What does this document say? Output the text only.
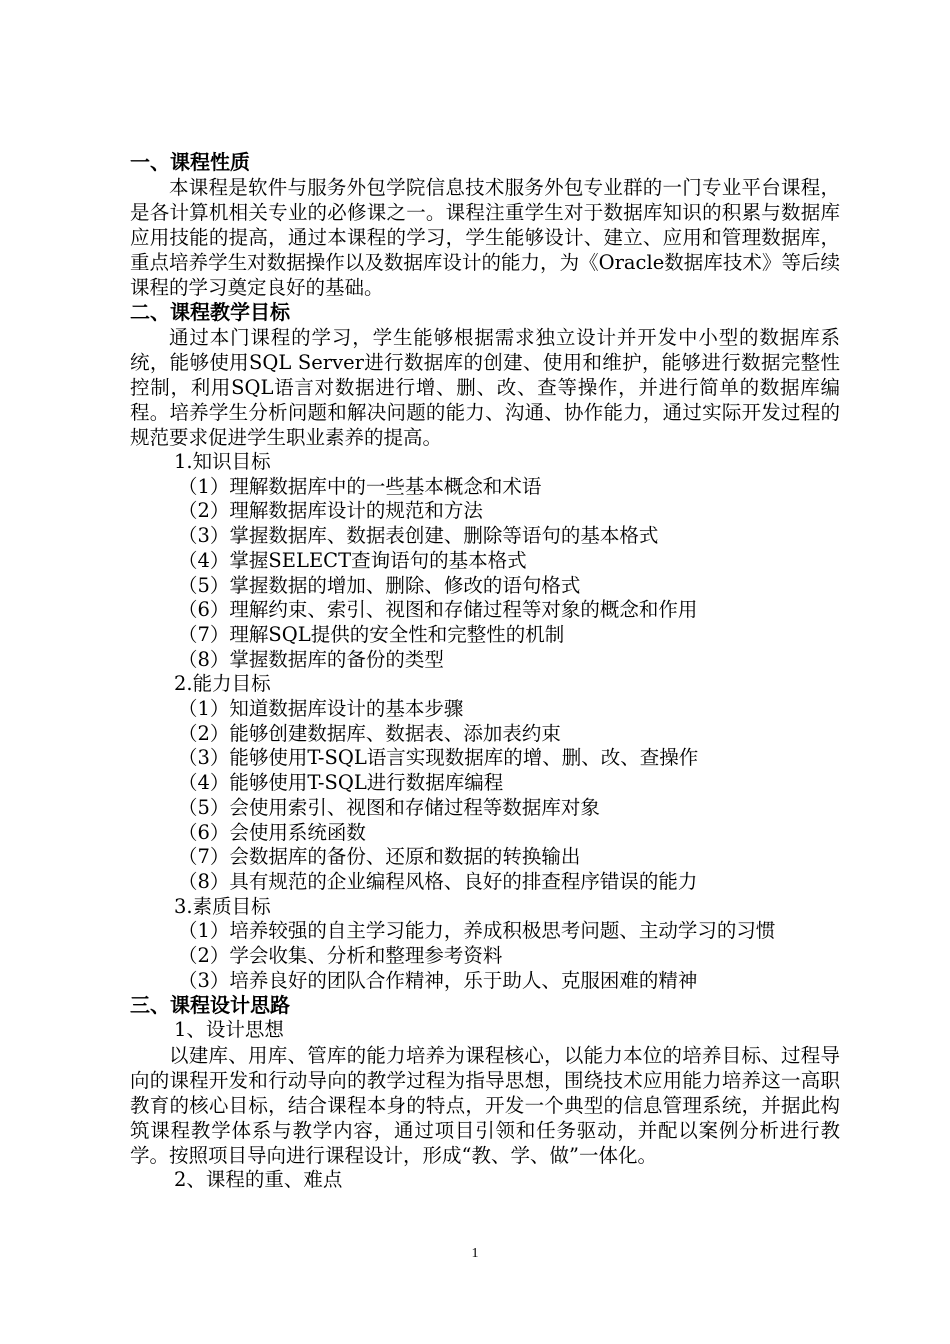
一、课程性质

本课程是软件与服务外包学院信息技术服务外包专业群的一门专业平台课程，是各计算机相关专业的必修课之一。课程注重学生对于数据库知识的积累与数据库应用技能的提高，通过本课程的学习，学生能够设计、建立、应用和管理数据库，重点培养学生对数据操作以及数据库设计的能力，为《Oracle数据库技术》等后续课程的学习奠定良好的基础。

二、课程教学目标

通过本门课程的学习，学生能够根据需求独立设计并开发中小型的数据库系统，能够使用SQL Server进行数据库的创建、使用和维护，能够进行数据完整性控制，利用SQL语言对数据进行增、删、改、查等操作，并进行简单的数据库编程。培养学生分析问题和解决问题的能力、沟通、协作能力，通过实际开发过程的规范要求促进学生职业素养的提高。

1.知识目标
（1）理解数据库中的一些基本概念和术语
（2）理解数据库设计的规范和方法
（3）掌握数据库、数据表创建、删除等语句的基本格式
（4）掌握SELECT查询语句的基本格式
（5）掌握数据的增加、删除、修改的语句格式
（6）理解约束、索引、视图和存储过程等对象的概念和作用
（7）理解SQL提供的安全性和完整性的机制
（8）掌握数据库的备份的类型
2.能力目标
（1）知道数据库设计的基本步骤
（2）能够创建数据库、数据表、添加表约束
（3）能够使用T-SQL语言实现数据库的增、删、改、查操作
（4）能够使用T-SQL进行数据库编程
（5）会使用索引、视图和存储过程等数据库对象
（6）会使用系统函数
（7）会数据库的备份、还原和数据的转换输出
（8）具有规范的企业编程风格、良好的排查程序错误的能力
3.素质目标
（1）培养较强的自主学习能力，养成积极思考问题、主动学习的习惯
（2）学会收集、分析和整理参考资料
（3）培养良好的团队合作精神，乐于助人、克服困难的精神
三、课程设计思路
1、设计思想

以建库、用库、管库的能力培养为课程核心，以能力本位的培养目标、过程导向的课程开发和行动导向的教学过程为指导思想，围绕技术应用能力培养这一高职教育的核心目标，结合课程本身的特点，开发一个典型的信息管理系统，并据此构筑课程教学体系与教学内容，通过项目引领和任务驱动，并配以案例分析进行教学。按照项目导向进行课程设计，形成“教、学、做”一体化。

2、课程的重、难点
1
